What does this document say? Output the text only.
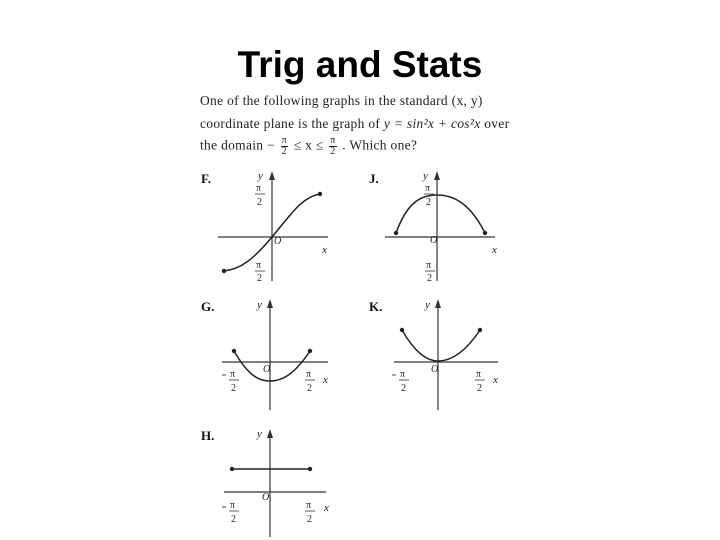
Trig and Stats
One of the following graphs in the standard (x, y)
coordinate plane is the graph of y = sin²x + cos²x over
the domain − $\frac{\pi}{2} \le x \le \frac{\pi}{2}$ . Which one?
F.	J.
G.	K.
H.
y
x
O
π
2
π
2
y
x
O
π
2
π
2
y
x
O
π
2
π
2
y
x
O
π
2
π
2
y
x
O
π
2
π
2
